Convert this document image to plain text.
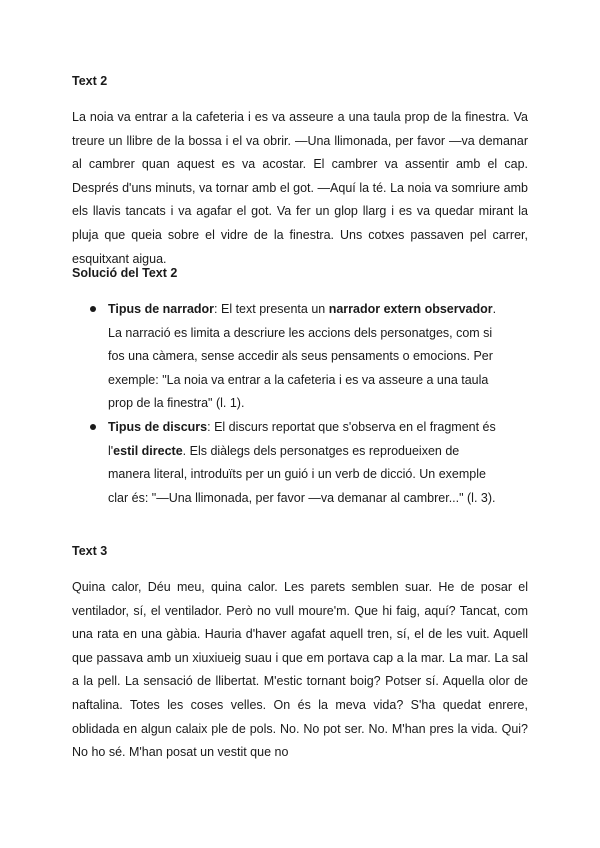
Text 2

La noia va entrar a la cafeteria i es va asseure a una taula prop de la finestra. Va treure un llibre de la bossa i el va obrir. —Una llimonada, per favor —va demanar al cambrer quan aquest es va acostar. El cambrer va assentir amb el cap. Després d'uns minuts, va tornar amb el got. —Aquí la té. La noia va somriure amb els llavis tancats i va agafar el got. Va fer un glop llarg i es va quedar mirant la pluja que queia sobre el vidre de la finestra. Uns cotxes passaven pel carrer, esquitxant aigua.

Solució del Text 2
Tipus de narrador: El text presenta un narrador extern observador. La narració es limita a descriure les accions dels personatges, com si fos una càmera, sense accedir als seus pensaments o emocions. Per exemple: "La noia va entrar a la cafeteria i es va asseure a una taula prop de la finestra" (l. 1).
Tipus de discurs: El discurs reportat que s'observa en el fragment és l'estil directe. Els diàlegs dels personatges es reprodueixen de manera literal, introduïts per un guió i un verb de dicció. Un exemple clar és: "—Una llimonada, per favor —va demanar al cambrer..." (l. 3).
Text 3

Quina calor, Déu meu, quina calor. Les parets semblen suar. He de posar el ventilador, sí, el ventilador. Però no vull moure'm. Que hi faig, aquí? Tancat, com una rata en una gàbia. Hauria d'haver agafat aquell tren, sí, el de les vuit. Aquell que passava amb un xiuxiueig suau i que em portava cap a la mar. La mar. La sal a la pell. La sensació de llibertat. M'estic tornant boig? Potser sí. Aquella olor de naftalina. Totes les coses velles. On és la meva vida? S'ha quedat enrere, oblidada en algun calaix ple de pols. No. No pot ser. No. M'han pres la vida. Qui? No ho sé. M'han posat un vestit que no
